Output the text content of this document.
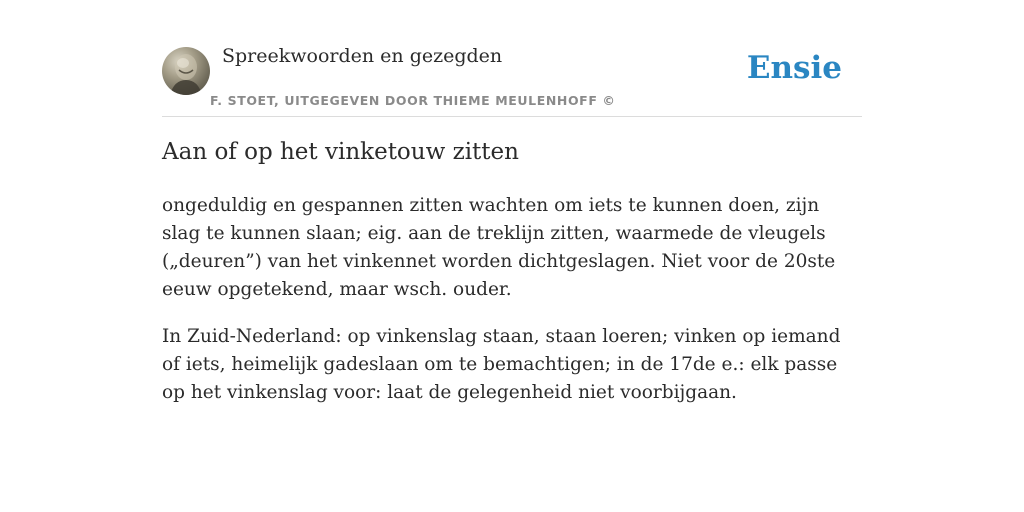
Spreekwoorden en gezegden
F. STOET, UITGEGEVEN DOOR THIEME MEULENHOFF ©
Ensie
Aan of op het vinketouw zitten

ongeduldig en gespannen zitten wachten om iets te kunnen doen, zijn slag te kunnen slaan; eig. aan de treklijn zitten, waarmede de vleugels („deuren”) van het vinkennet worden dichtgeslagen. Niet voor de 20ste eeuw opgetekend, maar wsch. ouder.

In Zuid-Nederland: op vinkenslag staan, staan loeren; vinken op iemand of iets, heimelijk gadeslaan om te bemachtigen; in de 17de e.: elk passe op het vinkenslag voor: laat de gelegenheid niet voorbijgaan.
